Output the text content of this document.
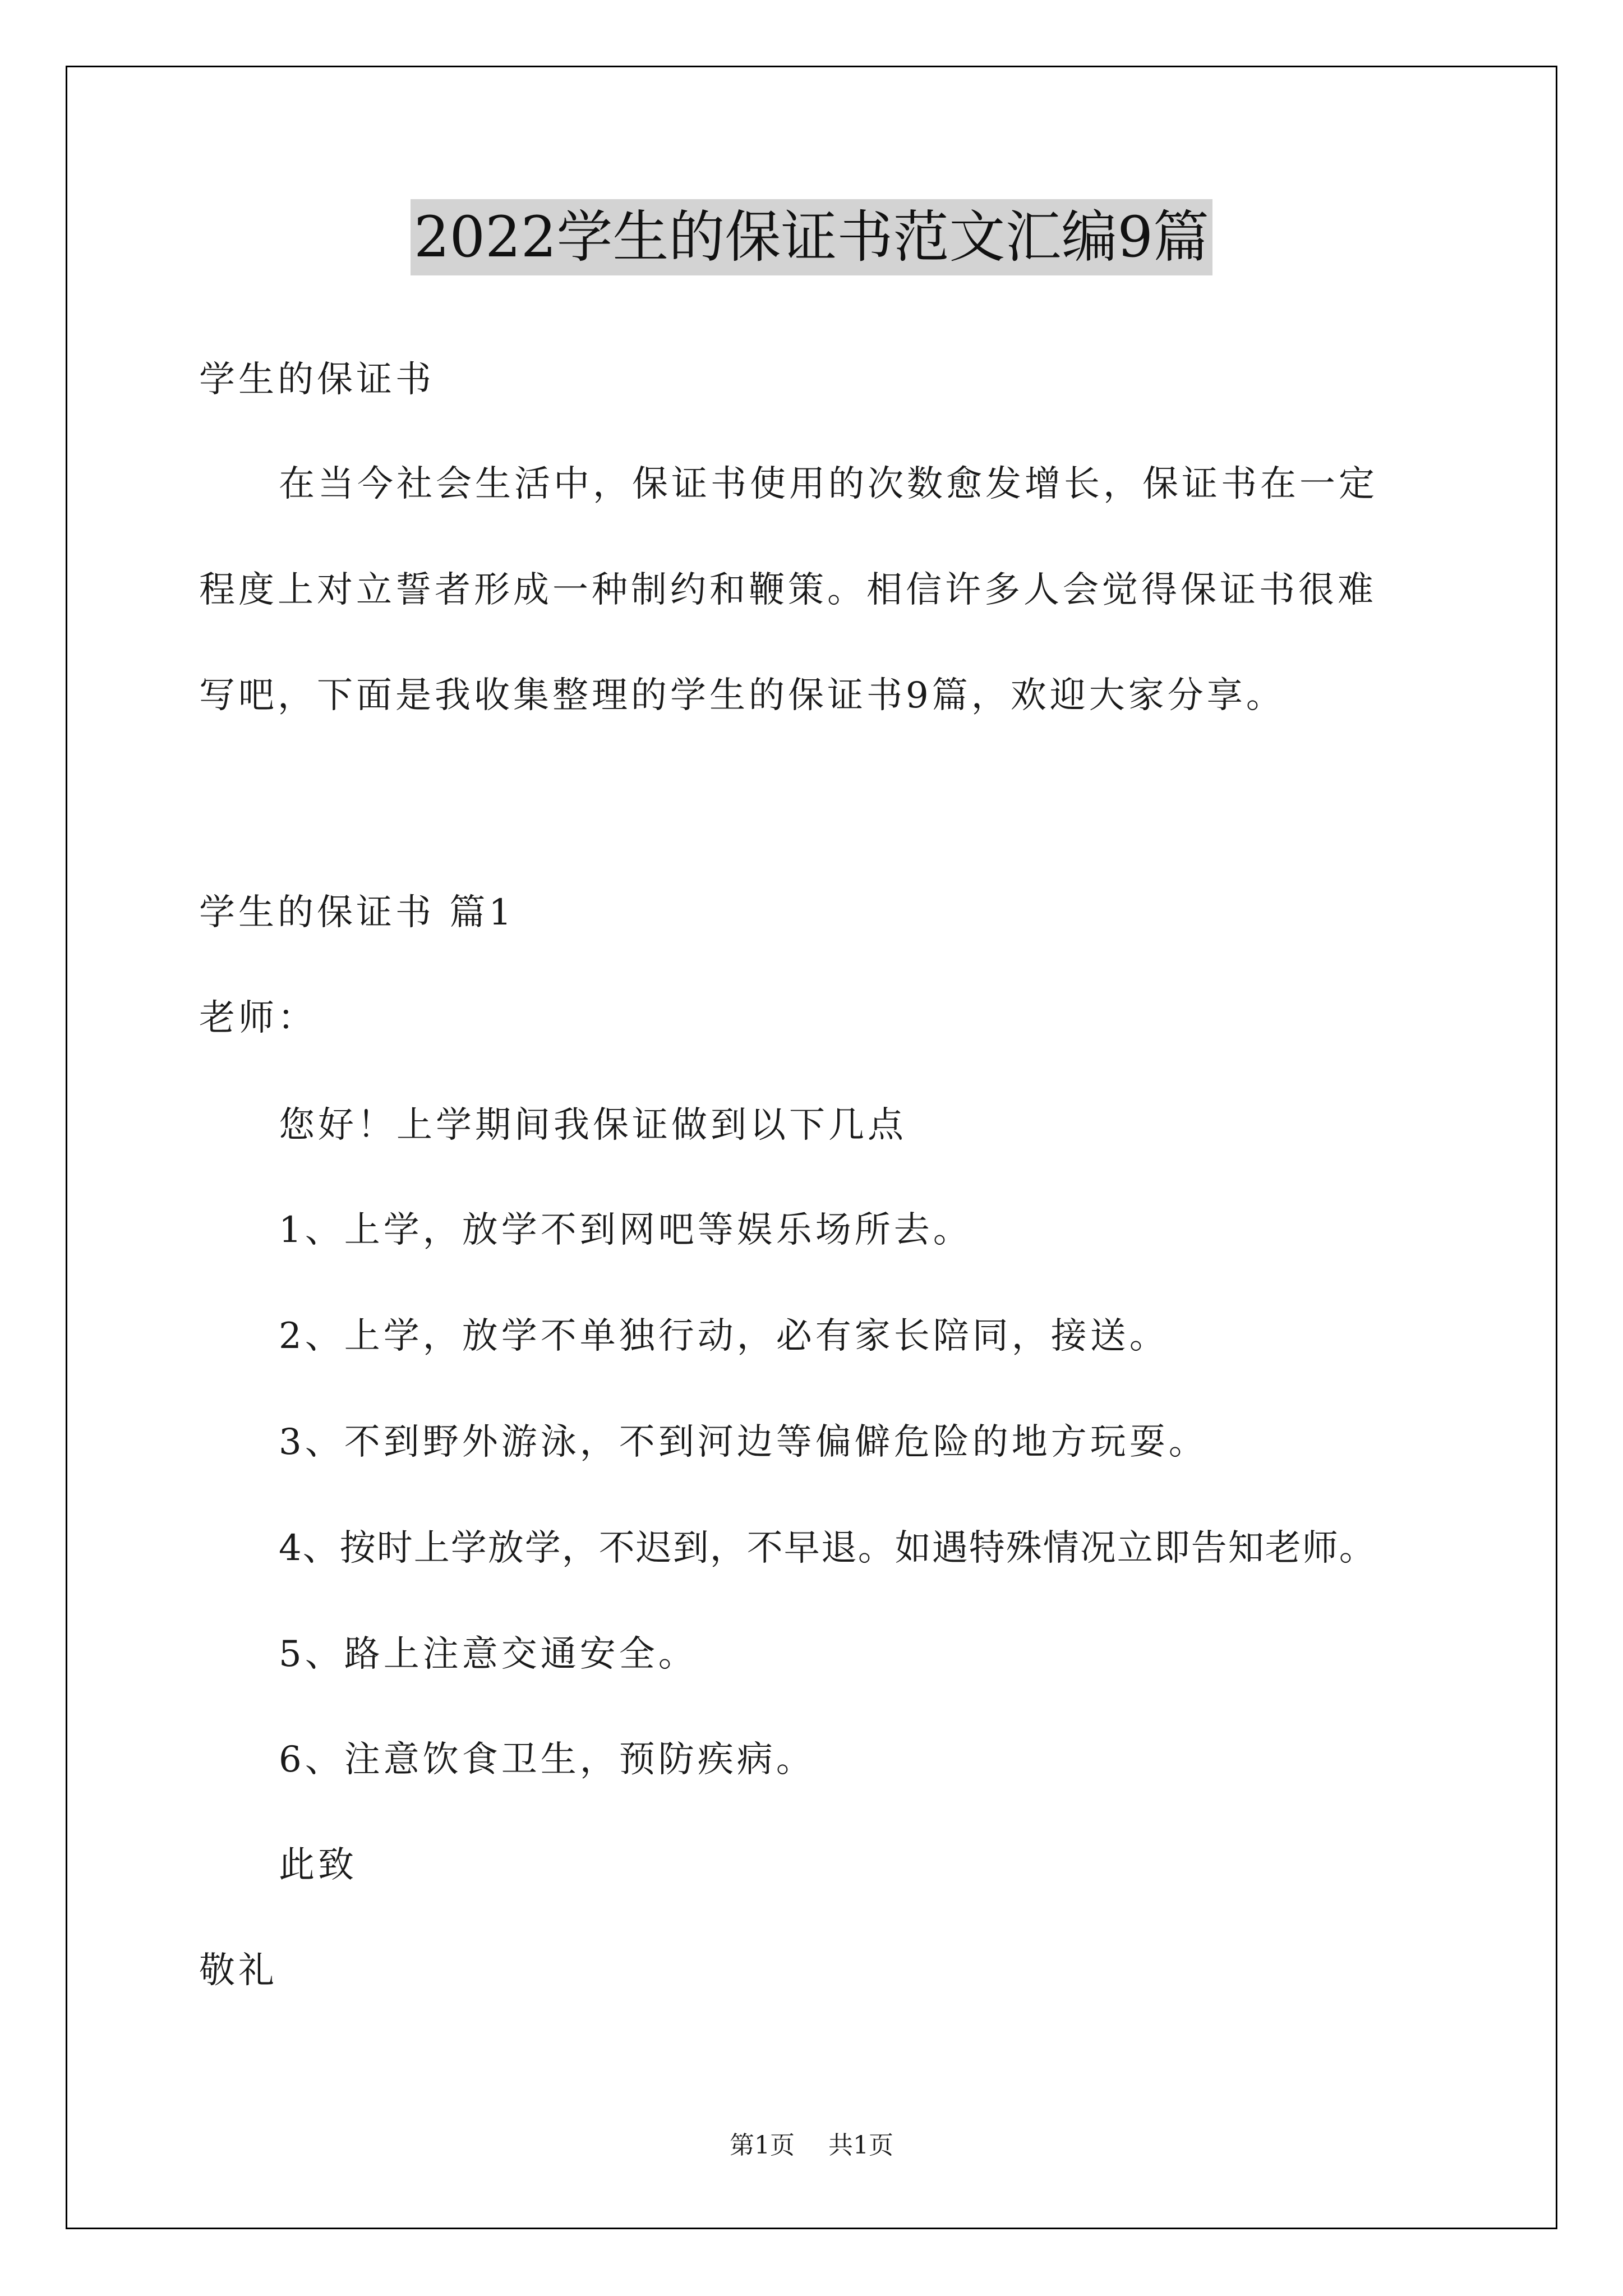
2022学生的保证书范文汇编9篇
学生的保证书
在当今社会生活中，保证书使用的次数愈发增长，保证书在一定
程度上对立誓者形成一种制约和鞭策。相信许多人会觉得保证书很难
写吧，下面是我收集整理的学生的保证书9篇，欢迎大家分享。
学生的保证书 篇1
老师：
您好！上学期间我保证做到以下几点
1、上学，放学不到网吧等娱乐场所去。
2、上学，放学不单独行动，必有家长陪同，接送。
3、不到野外游泳，不到河边等偏僻危险的地方玩耍。
4、按时上学放学，不迟到，不早退。如遇特殊情况立即告知老师。
5、路上注意交通安全。
6、注意饮食卫生，预防疾病。
此致
敬礼
第1页 共1页
